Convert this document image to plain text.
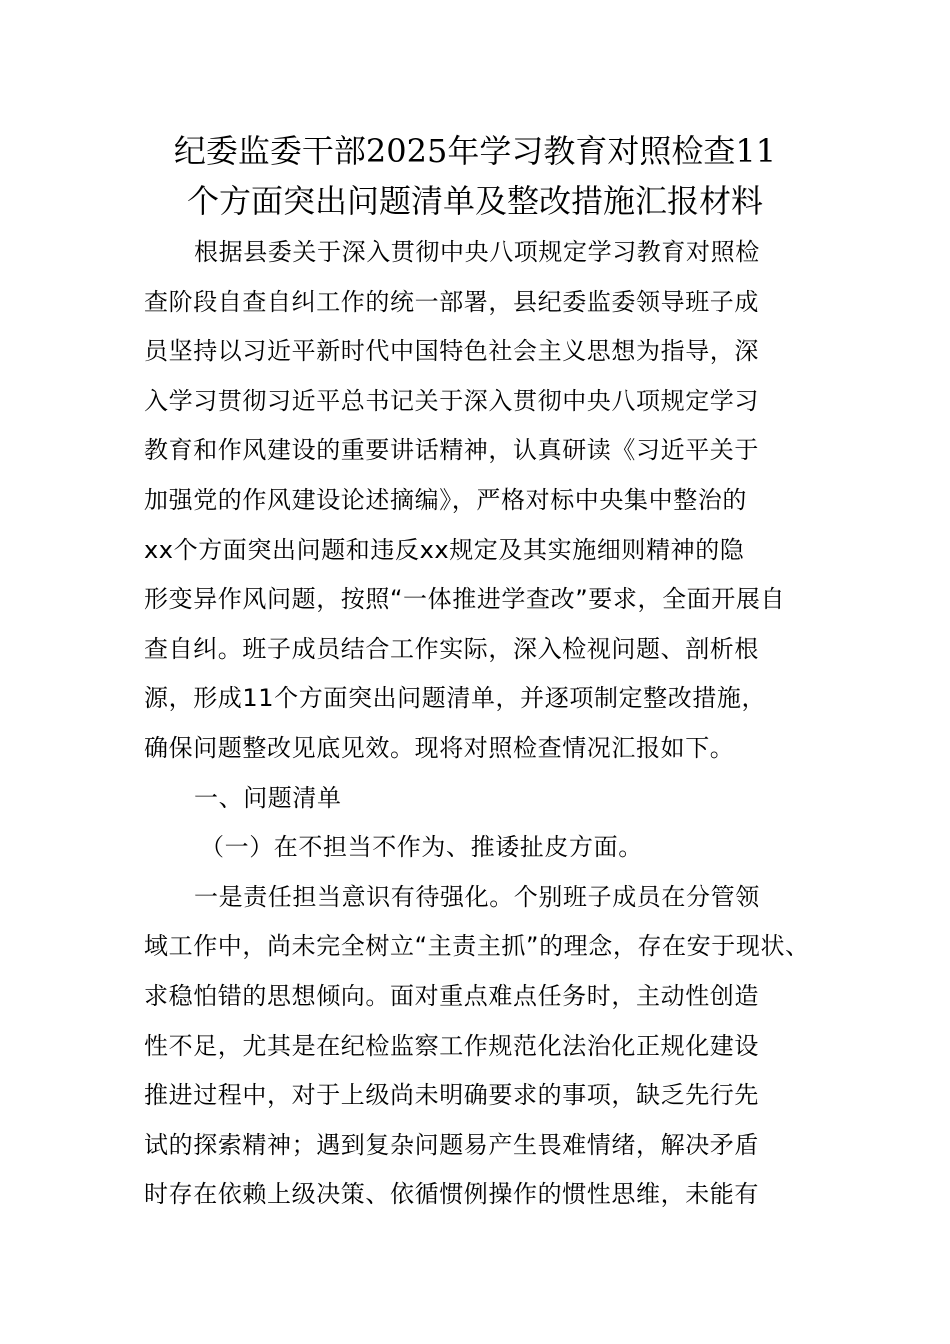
纪委监委干部2025年学习教育对照检查11
个方面突出问题清单及整改措施汇报材料

根据县委关于深入贯彻中央八项规定学习教育对照检
查阶段自查自纠工作的统一部署，县纪委监委领导班子成
员坚持以习近平新时代中国特色社会主义思想为指导，深
入学习贯彻习近平总书记关于深入贯彻中央八项规定学习
教育和作风建设的重要讲话精神，认真研读《习近平关于
加强党的作风建设论述摘编》，严格对标中央集中整治的
xx个方面突出问题和违反xx规定及其实施细则精神的隐
形变异作风问题，按照“一体推进学查改”要求，全面开展自
查自纠。班子成员结合工作实际，深入检视问题、剖析根
源，形成11个方面突出问题清单，并逐项制定整改措施，
确保问题整改见底见效。现将对照检查情况汇报如下。

一、问题清单

（一）在不担当不作为、推诿扯皮方面。

一是责任担当意识有待强化。个别班子成员在分管领
域工作中，尚未完全树立“主责主抓”的理念，存在安于现状、
求稳怕错的思想倾向。面对重点难点任务时，主动性创造
性不足，尤其是在纪检监察工作规范化法治化正规化建设
推进过程中，对于上级尚未明确要求的事项，缺乏先行先
试的探索精神；遇到复杂问题易产生畏难情绪，解决矛盾
时存在依赖上级决策、依循惯例操作的惯性思维，未能有
